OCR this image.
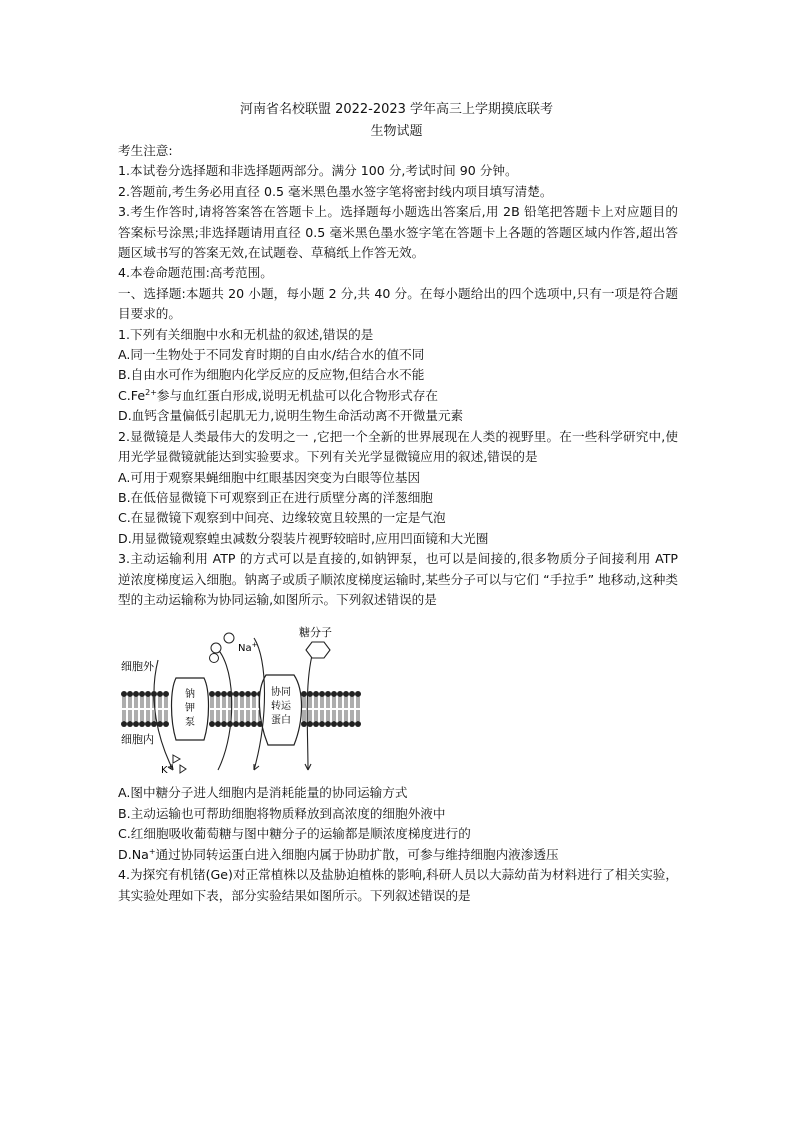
河南省名校联盟 2022-2023 学年高三上学期摸底联考
生物试题

考生注意:

1.本试卷分选择题和非选择题两部分。满分 100 分,考试时间 90 分钟。

2.答题前,考生务必用直径 0.5 毫米黑色墨水签字笔将密封线内项目填写清楚。

3.考生作答时,请将答案答在答题卡上。选择题每小题选出答案后,用 2B 铅笔把答题卡上对应题目的答案标号涂黑;非选择题请用直径 0.5 毫米黑色墨水签字笔在答题卡上各题的答题区域内作答,超出答题区域书写的答案无效,在试题卷、草稿纸上作答无效。

4.本卷命题范围:高考范围。

一、选择题:本题共 20 小题，每小题 2 分,共 40 分。在每小题给出的四个选项中,只有一项是符合题目要求的。

1.下列有关细胞中水和无机盐的叙述,错误的是

A.同一生物处于不同发育时期的自由水/结合水的值不同

B.自由水可作为细胞内化学反应的反应物,但结合水不能

$C.Fe^{2+}$参与血红蛋白形成,说明无机盐可以化合物形式存在

D.血钙含量偏低引起肌无力,说明生物生命活动离不开微量元素

2.显微镜是人类最伟大的发明之一 ,它把一个全新的世界展现在人类的视野里。在一些科学研究中,使用光学显微镜就能达到实验要求。下列有关光学显微镜应用的叙述,错误的是

A.可用于观察果蝇细胞中红眼基因突变为白眼等位基因

B.在低倍显微镜下可观察到正在进行质壁分离的洋葱细胞

C.在显微镜下观察到中间亮、边缘较宽且较黑的一定是气泡

D.用显微镜观察蝗虫减数分裂装片视野较暗时,应用凹面镜和大光圈

3.主动运输利用 ATP 的方式可以是直接的,如钠钾泵，也可以是间接的,很多物质分子间接利用 ATP 逆浓度梯度运入细胞。钠离子或质子顺浓度梯度运输时,某些分子可以与它们 “手拉手” 地移动,这种类型的主动运输称为协同运输,如图所示。下列叙述错误的是

钠
钾
泵
协同
转运
蛋白
Na+
糖分子
K+
细胞外
细胞内

A.图中糖分子进人细胞内是消耗能量的协同运输方式

B.主动运输也可帮助细胞将物质释放到高浓度的细胞外液中

C.红细胞吸收葡萄糖与图中糖分子的运输都是顺浓度梯度进行的

D.Na+通过协同转运蛋白进入细胞内属于协助扩散，可参与维持细胞内液渗透压

4.为探究有机锗(Ge)对正常植株以及盐胁迫植株的影响,科研人员以大蒜幼苗为材料进行了相关实验，其实验处理如下表，部分实验结果如图所示。下列叙述错误的是
